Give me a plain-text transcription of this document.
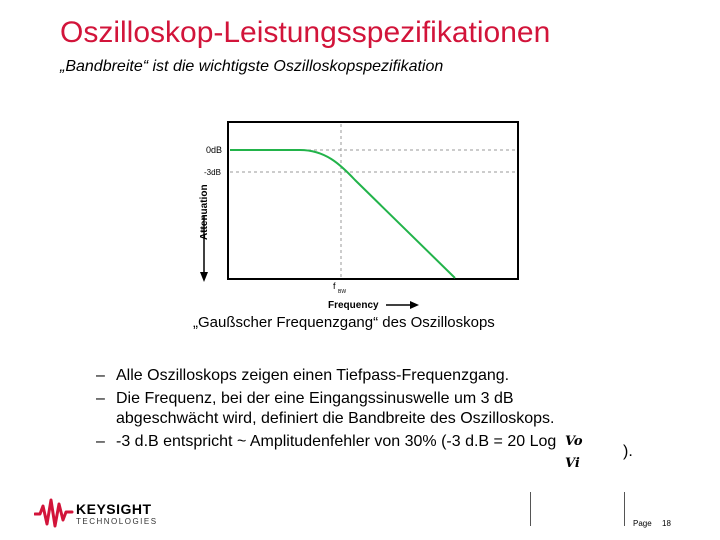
Oszilloskop-Leistungsspezifikationen
„Bandbreite“ ist die wichtigste Oszilloskopspezifikation
0dB
-3dB
Attenuation
Frequency
f
BW
„Gaußscher Frequenzgang“ des Oszilloskops
– Alle Oszilloskops zeigen einen Tiefpass-Frequenzgang.
– Die Frequenz, bei der eine Eingangssinuswelle um 3 dB
abgeschwächt wird, definiert die Bandbreite des Oszilloskops.
– -3 d.B entspricht ~ Amplitudenfehler von 30% (-3 d.B = 20 Log Vo
Vi
).
KEYSIGHT
TECHNOLOGIES	Page 18
